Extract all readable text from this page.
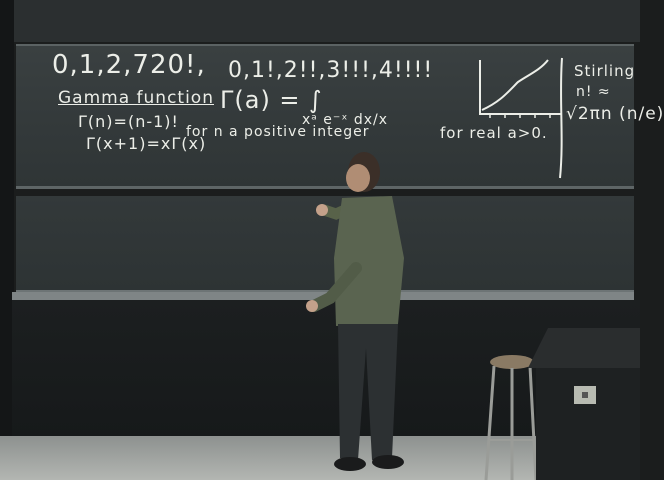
0,1,2,720!, 0,1!,2!!,3!!!,4!!!!
Gamma function Γ(a) = ∫
xᵃ e⁻ˣ dx/x
for real a>0.
Γ(n)=(n-1)!
for n a positive integer
Γ(x+1)=xΓ(x)
Stirling
n! ≈
√2πn (n/e)
